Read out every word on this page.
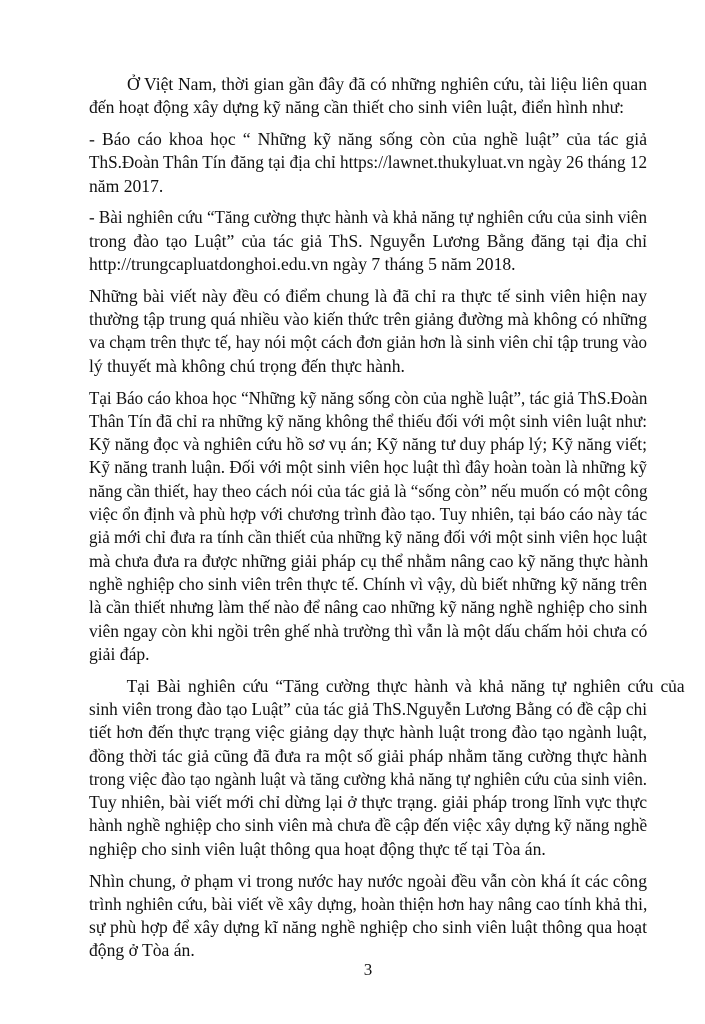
Ở Việt Nam, thời gian gần đây đã có những nghiên cứu, tài liệu liên quan
đến hoạt động xây dựng kỹ năng cần thiết cho sinh viên luật, điển hình như:
- Báo cáo khoa học “ Những kỹ năng sống còn của nghề luật” của tác giả
ThS.Đoàn Thân Tín đăng tại địa chỉ https://lawnet.thukyluat.vn ngày 26 tháng 12
năm 2017.
- Bài nghiên cứu “Tăng cường thực hành và khả năng tự nghiên cứu của sinh viên
trong đào tạo Luật” của tác giả ThS. Nguyễn Lương Bằng đăng tại địa chỉ
http://trungcapluatdonghoi.edu.vn ngày 7 tháng 5 năm 2018.
Những bài viết này đều có điểm chung là đã chỉ ra thực tế sinh viên hiện nay
thường tập trung quá nhiều vào kiến thức trên giảng đường mà không có những
va chạm trên thực tế, hay nói một cách đơn giản hơn là sinh viên chỉ tập trung vào
lý thuyết mà không chú trọng đến thực hành.
Tại Báo cáo khoa học “Những kỹ năng sống còn của nghề luật”, tác giả ThS.Đoàn
Thân Tín đã chỉ ra những kỹ năng không thể thiếu đối với một sinh viên luật như:
Kỹ năng đọc và nghiên cứu hồ sơ vụ án; Kỹ năng tư duy pháp lý; Kỹ năng viết;
Kỹ năng tranh luận. Đối với một sinh viên học luật thì đây hoàn toàn là những kỹ
năng cần thiết, hay theo cách nói của tác giả là “sống còn” nếu muốn có một công
việc ổn định và phù hợp với chương trình đào tạo. Tuy nhiên, tại báo cáo này tác
giả mới chỉ đưa ra tính cần thiết của những kỹ năng đối với một sinh viên học luật
mà chưa đưa ra được những giải pháp cụ thể nhằm nâng cao kỹ năng thực hành
nghề nghiệp cho sinh viên trên thực tế. Chính vì vậy, dù biết những kỹ năng trên
là cần thiết nhưng làm thế nào để nâng cao những kỹ năng nghề nghiệp cho sinh
viên ngay còn khi ngồi trên ghế nhà trường thì vẫn là một dấu chấm hỏi chưa có
giải đáp.
Tại Bài nghiên cứu “Tăng cường thực hành và khả năng tự nghiên cứu của
sinh viên trong đào tạo Luật” của tác giả ThS.Nguyễn Lương Bằng có đề cập chi
tiết hơn đến thực trạng việc giảng dạy thực hành luật trong đào tạo ngành luật,
đồng thời tác giả cũng đã đưa ra một số giải pháp nhằm tăng cường thực hành
trong việc đào tạo ngành luật và tăng cường khả năng tự nghiên cứu của sinh viên.
Tuy nhiên, bài viết mới chỉ dừng lại ở thực trạng. giải pháp trong lĩnh vực thực
hành nghề nghiệp cho sinh viên mà chưa đề cập đến việc xây dựng kỹ năng nghề
nghiệp cho sinh viên luật thông qua hoạt động thực tế tại Tòa án.
Nhìn chung, ở phạm vi trong nước hay nước ngoài đều vẫn còn khá ít các công
trình nghiên cứu, bài viết về xây dựng, hoàn thiện hơn hay nâng cao tính khả thi,
sự phù hợp để xây dựng kĩ năng nghề nghiệp cho sinh viên luật thông qua hoạt
động ở Tòa án.
3
